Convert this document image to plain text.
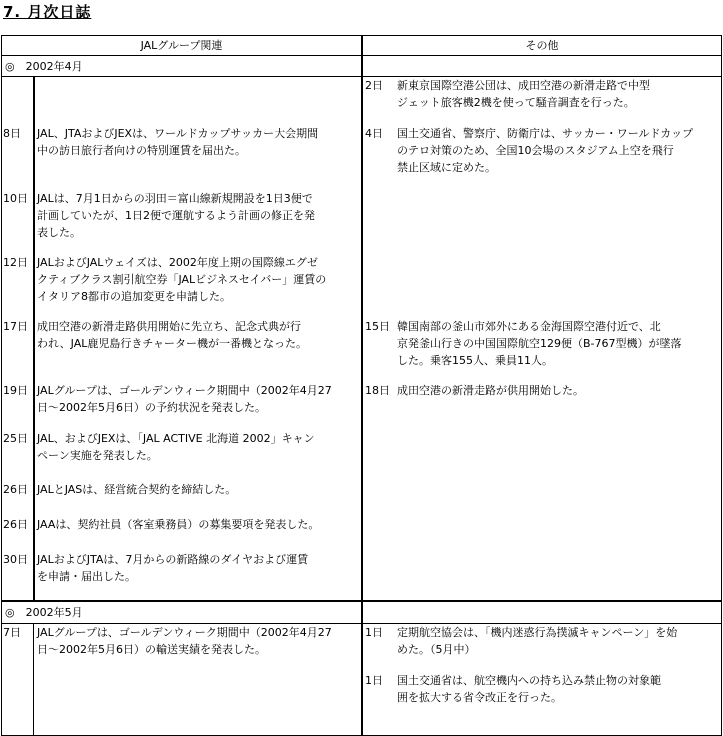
7. 月次日誌
JALグループ関連	その他
◎　2002年4月
◎　2002年5月
8日 JAL、JTAおよびJEXは、ワールドカップサッカー大会期間
中の訪日旅行者向けの特別運賃を届出た。
10日 JALは、7月1日からの羽田＝富山線新規開設を1日3便で
計画していたが、1日2便で運航するよう計画の修正を発
表した。
12日 JALおよびJALウェイズは、2002年度上期の国際線エグゼ
クティブクラス割引航空券「JALビジネスセイバー」運賃の
イタリア8都市の追加変更を申請した。
17日 成田空港の新滑走路供用開始に先立ち、記念式典が行
われ、JAL鹿児島行きチャーター機が一番機となった。
19日 JALグループは、ゴールデンウィーク期間中（2002年4月27
日～2002年5月6日）の予約状況を発表した。
25日 JAL、およびJEXは、「JAL ACTIVE 北海道 2002」キャン
ペーン実施を発表した。
26日 JALとJASは、経営統合契約を締結した。
26日 JAAは、契約社員（客室乗務員）の募集要項を発表した。
30日 JALおよびJTAは、7月からの新路線のダイヤおよび運賃
を申請・届出した。
2日 新東京国際空港公団は、成田空港の新滑走路で中型
ジェット旅客機2機を使って騒音調査を行った。
4日 国土交通省、警察庁、防衛庁は、サッカー・ワールドカップ
のテロ対策のため、全国10会場のスタジアム上空を飛行
禁止区域に定めた。
15日 韓国南部の釜山市郊外にある金海国際空港付近で、北
京発釜山行きの中国国際航空129便（B-767型機）が墜落
した。乗客155人、乗員11人。
18日 成田空港の新滑走路が供用開始した。
7日 JALグループは、ゴールデンウィーク期間中（2002年4月27
日～2002年5月6日）の輸送実績を発表した。
1日 定期航空協会は、「機内迷惑行為撲滅キャンペーン」を始
めた。（5月中）
1日 国土交通省は、航空機内への持ち込み禁止物の対象範
囲を拡大する省令改正を行った。
